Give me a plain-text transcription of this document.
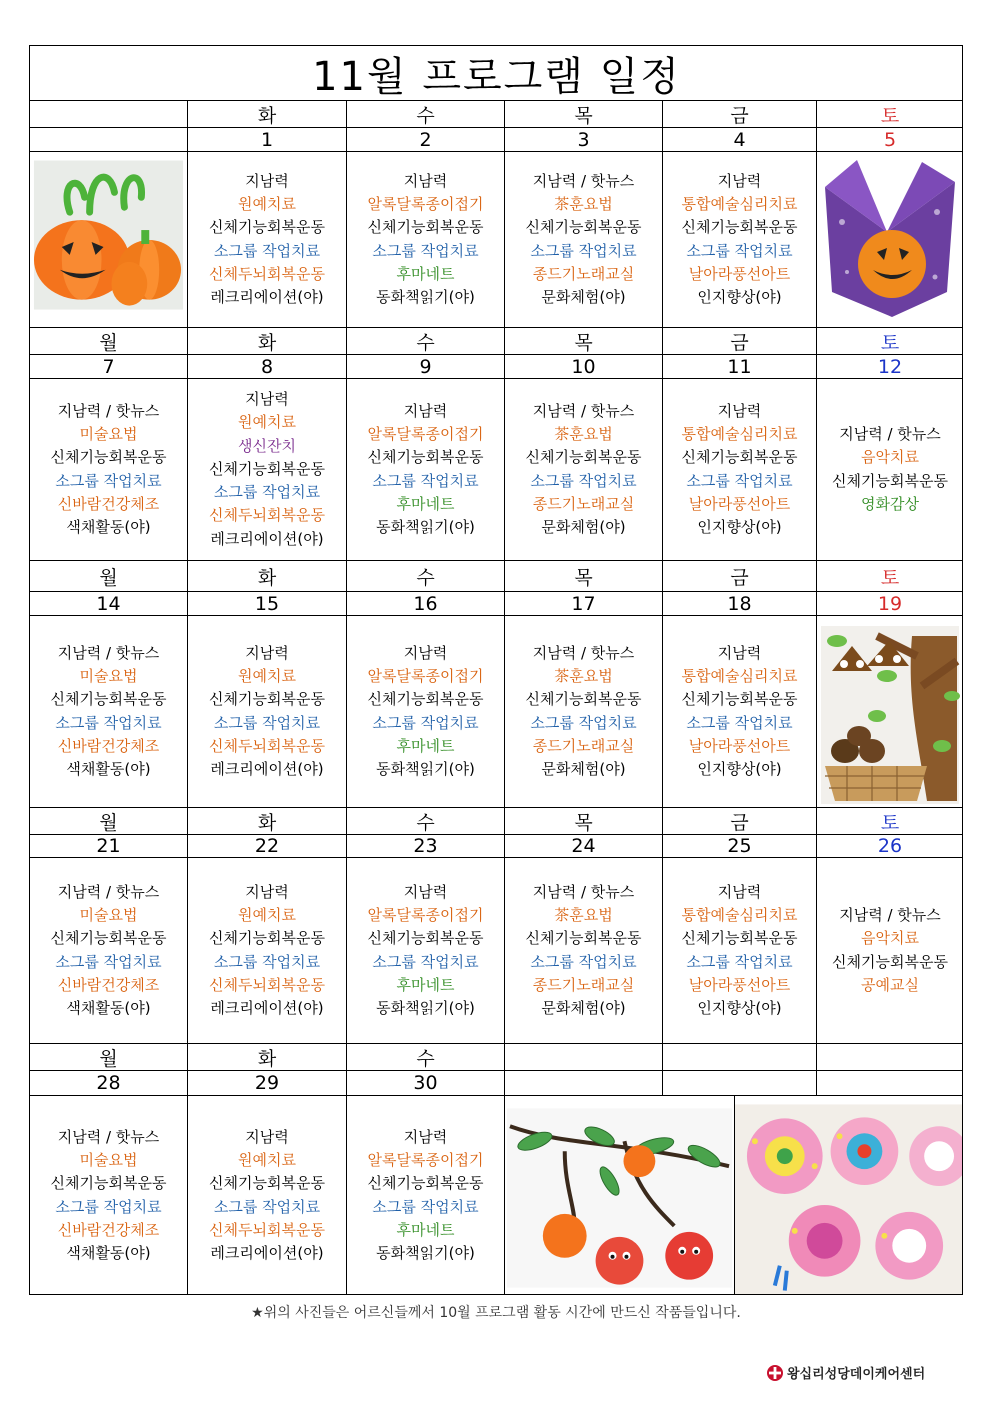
11월 프로그램 일정
화
1
수
2
목
3
금
4
토
5
지남력
원예치료
신체기능회복운동
소그룹 작업치료
신체두뇌회복운동
레크리에이션(야)
지남력
알록달록종이접기
신체기능회복운동
소그룹 작업치료
후마네트
동화책읽기(야)
지남력 / 핫뉴스
茶훈요법
신체기능회복운동
소그룹 작업치료
종드기노래교실
문화체험(야)
지남력
통합예술심리치료
신체기능회복운동
소그룹 작업치료
날아라풍선아트
인지향상(야)
월
7
화
8
수
9
목
10
금
11
토
12
지남력 / 핫뉴스
미술요법
신체기능회복운동
소그룹 작업치료
신바람건강체조
색채활동(야)
지남력
원예치료
생신잔치
신체기능회복운동
소그룹 작업치료
신체두뇌회복운동
레크리에이션(야)
지남력
알록달록종이접기
신체기능회복운동
소그룹 작업치료
후마네트
동화책읽기(야)
지남력 / 핫뉴스
茶훈요법
신체기능회복운동
소그룹 작업치료
종드기노래교실
문화체험(야)
지남력
통합예술심리치료
신체기능회복운동
소그룹 작업치료
날아라풍선아트
인지향상(야)
지남력 / 핫뉴스
음악치료
신체기능회복운동
영화감상
월
14
화
15
수
16
목
17
금
18
토
19
지남력 / 핫뉴스
미술요법
신체기능회복운동
소그룹 작업치료
신바람건강체조
색채활동(야)
지남력
원예치료
신체기능회복운동
소그룹 작업치료
신체두뇌회복운동
레크리에이션(야)
지남력
알록달록종이접기
신체기능회복운동
소그룹 작업치료
후마네트
동화책읽기(야)
지남력 / 핫뉴스
茶훈요법
신체기능회복운동
소그룹 작업치료
종드기노래교실
문화체험(야)
지남력
통합예술심리치료
신체기능회복운동
소그룹 작업치료
날아라풍선아트
인지향상(야)
월
21
화
22
수
23
목
24
금
25
토
26
지남력 / 핫뉴스
미술요법
신체기능회복운동
소그룹 작업치료
신바람건강체조
색채활동(야)
지남력
원예치료
신체기능회복운동
소그룹 작업치료
신체두뇌회복운동
레크리에이션(야)
지남력
알록달록종이접기
신체기능회복운동
소그룹 작업치료
후마네트
동화책읽기(야)
지남력 / 핫뉴스
茶훈요법
신체기능회복운동
소그룹 작업치료
종드기노래교실
문화체험(야)
지남력
통합예술심리치료
신체기능회복운동
소그룹 작업치료
날아라풍선아트
인지향상(야)
지남력 / 핫뉴스
음악치료
신체기능회복운동
공예교실
월
28
화
29
수
30
지남력 / 핫뉴스
미술요법
신체기능회복운동
소그룹 작업치료
신바람건강체조
색채활동(야)
지남력
원예치료
신체기능회복운동
소그룹 작업치료
신체두뇌회복운동
레크리에이션(야)
지남력
알록달록종이접기
신체기능회복운동
소그룹 작업치료
후마네트
동화책읽기(야)
★위의 사진들은 어르신들께서 10월 프로그램 활동 시간에 만드신 작품들입니다.
왕십리성당데이케어센터
